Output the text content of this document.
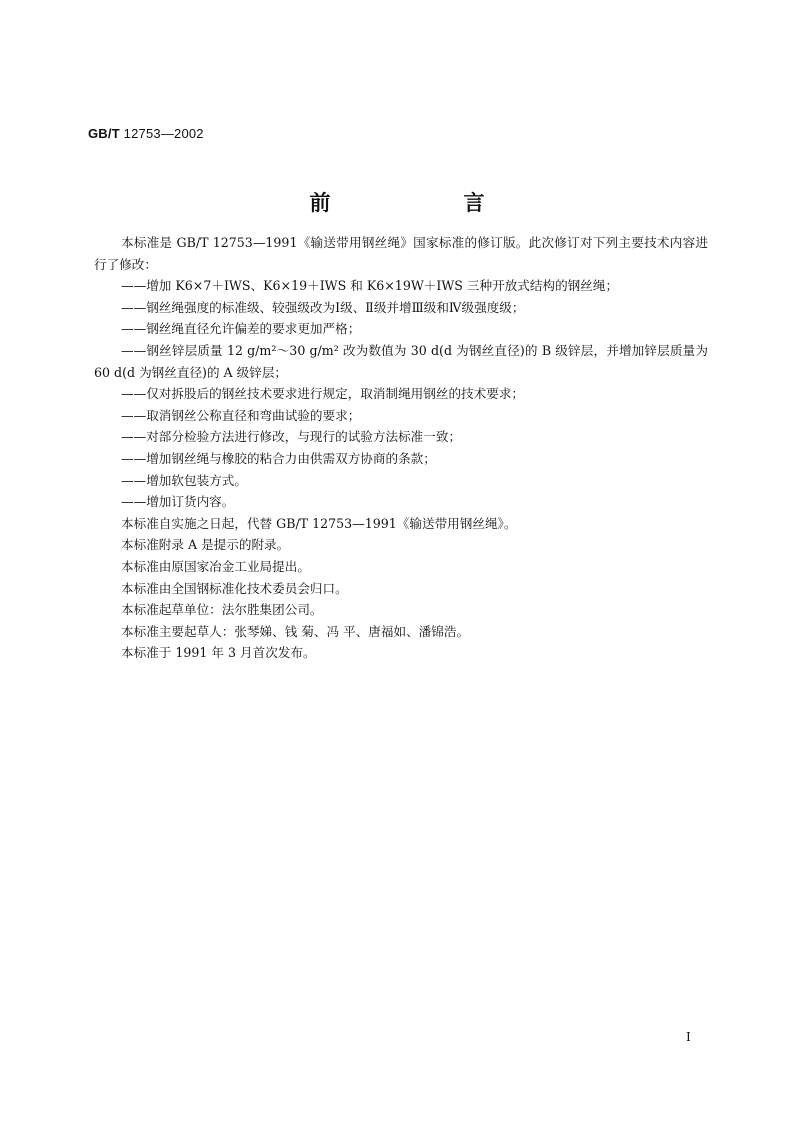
GB/T 12753—2002
前　言

本标准是 GB/T 12753—1991《输送带用钢丝绳》国家标准的修订版。此次修订对下列主要技术内容进行了修改：

——增加 K6×7＋IWS、K6×19＋IWS 和 K6×19W＋IWS 三种开放式结构的钢丝绳；

——钢丝绳强度的标准级、较强级改为Ⅰ级、Ⅱ级并增Ⅲ级和Ⅳ级强度级；

——钢丝绳直径允许偏差的要求更加严格；

——钢丝锌层质量 12 g/m²～30 g/m² 改为数值为 30 d(d 为钢丝直径)的 B 级锌层，并增加锌层质量为 60 d(d 为钢丝直径)的 A 级锌层；

——仅对拆股后的钢丝技术要求进行规定，取消制绳用钢丝的技术要求；

——取消钢丝公称直径和弯曲试验的要求；

——对部分检验方法进行修改，与现行的试验方法标准一致；

——增加钢丝绳与橡胶的粘合力由供需双方协商的条款；

——增加软包装方式。

——增加订货内容。

本标准自实施之日起，代替 GB/T 12753—1991《输送带用钢丝绳》。

本标准附录 A 是提示的附录。

本标准由原国家冶金工业局提出。

本标准由全国钢标准化技术委员会归口。

本标准起草单位：法尔胜集团公司。

本标准主要起草人：张琴娣、钱 菊、冯 平、唐福如、潘锦浩。

本标准于 1991 年 3 月首次发布。

I
